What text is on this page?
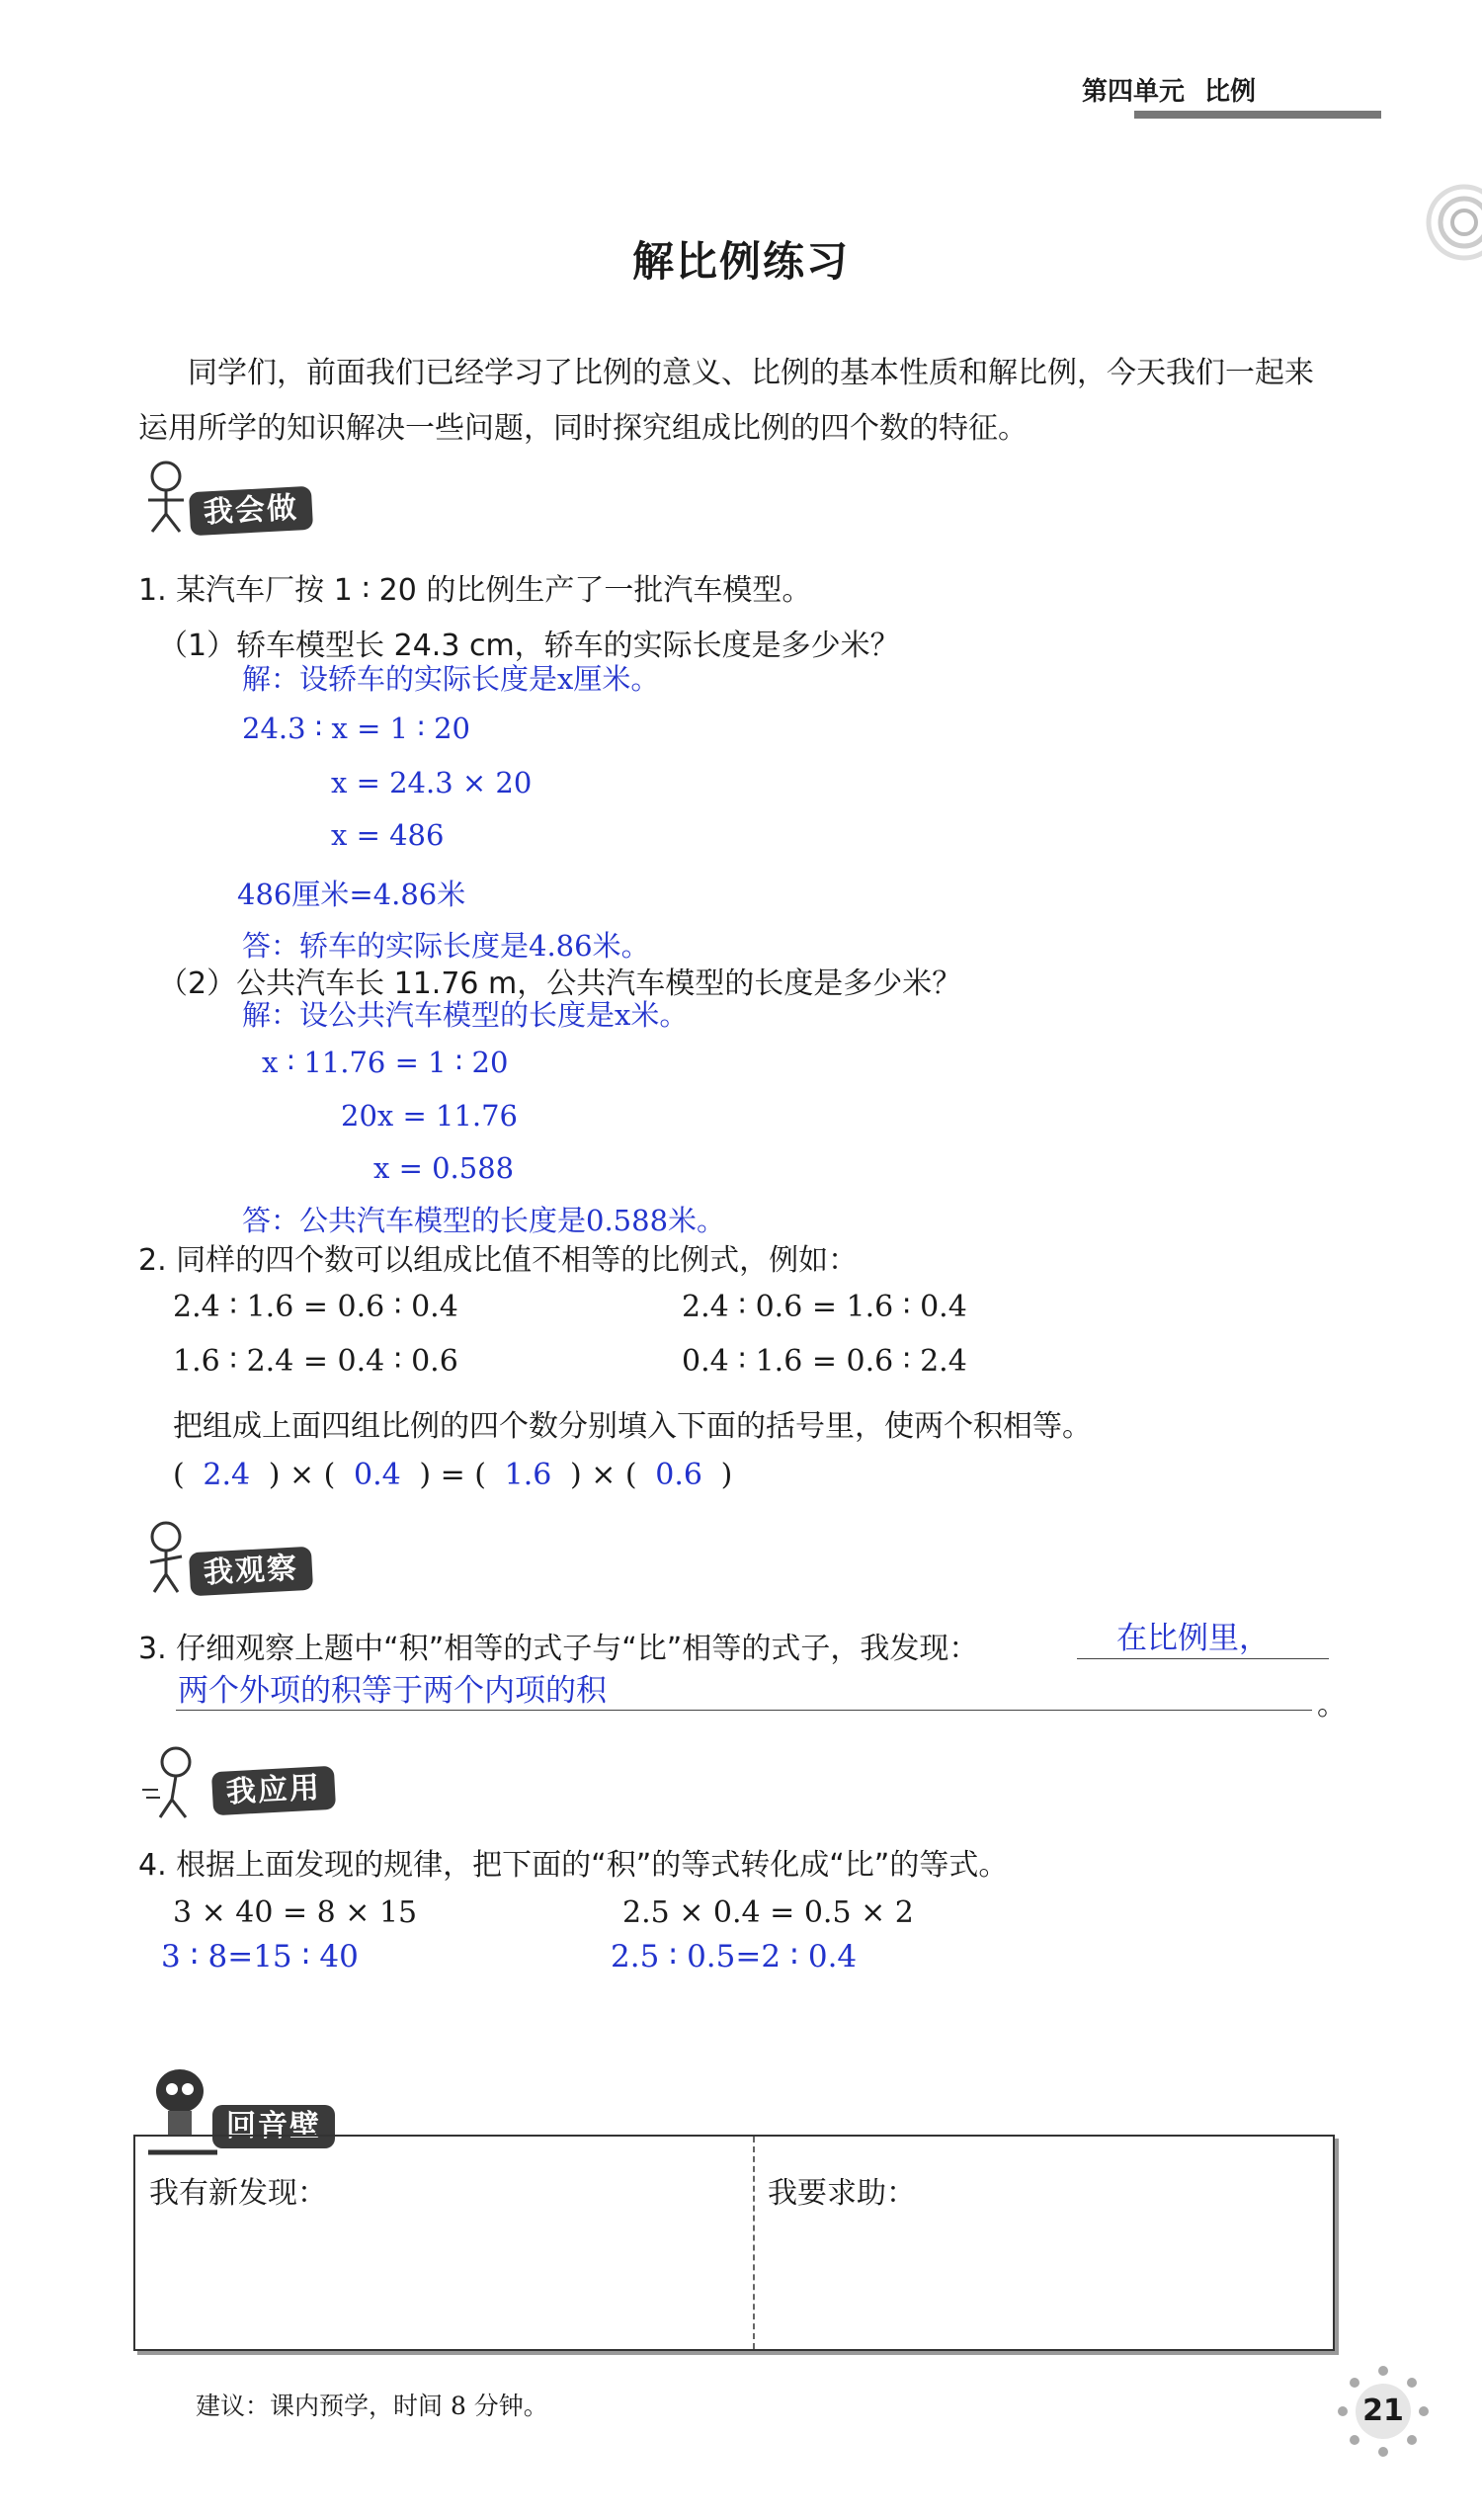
第四单元 比例
解比例练习
同学们，前面我们已经学习了比例的意义、比例的基本性质和解比例，今天我们一起来
运用所学的知识解决一些问题，同时探究组成比例的四个数的特征。
我会做
1. 某汽车厂按 1 ∶ 20 的比例生产了一批汽车模型。
（1）轿车模型长 24.3 cm，轿车的实际长度是多少米？
解：设轿车的实际长度是x厘米。
24.3 ∶ x = 1 ∶ 20
x = 24.3 × 20
x = 486
486厘米=4.86米
答：轿车的实际长度是4.86米。
（2）公共汽车长 11.76 m，公共汽车模型的长度是多少米？
解：设公共汽车模型的长度是x米。
x ∶ 11.76 = 1 ∶ 20
20x = 11.76
x = 0.588
答：公共汽车模型的长度是0.588米。
2. 同样的四个数可以组成比值不相等的比例式，例如：
2.4 ∶ 1.6 = 0.6 ∶ 0.4	2.4 ∶ 0.6 = 1.6 ∶ 0.4
1.6 ∶ 2.4 = 0.4 ∶ 0.6	0.4 ∶ 1.6 = 0.6 ∶ 2.4
把组成上面四组比例的四个数分别填入下面的括号里，使两个积相等。
( 2.4 ) × ( 0.4 ) = ( 1.6 ) × ( 0.6 )
我观察
3. 仔细观察上题中“积”相等的式子与“比”相等的式子，我发现：	在比例里，
两个外项的积等于两个内项的积	。
我应用
4. 根据上面发现的规律，把下面的“积”的等式转化成“比”的等式。
3 × 40 = 8 × 15	2.5 × 0.4 = 0.5 × 2
3 ∶ 8=15 ∶ 40	2.5 ∶ 0.5=2 ∶ 0.4
回音壁
我有新发现：	我要求助：
建议：课内预学，时间 8 分钟。	21
